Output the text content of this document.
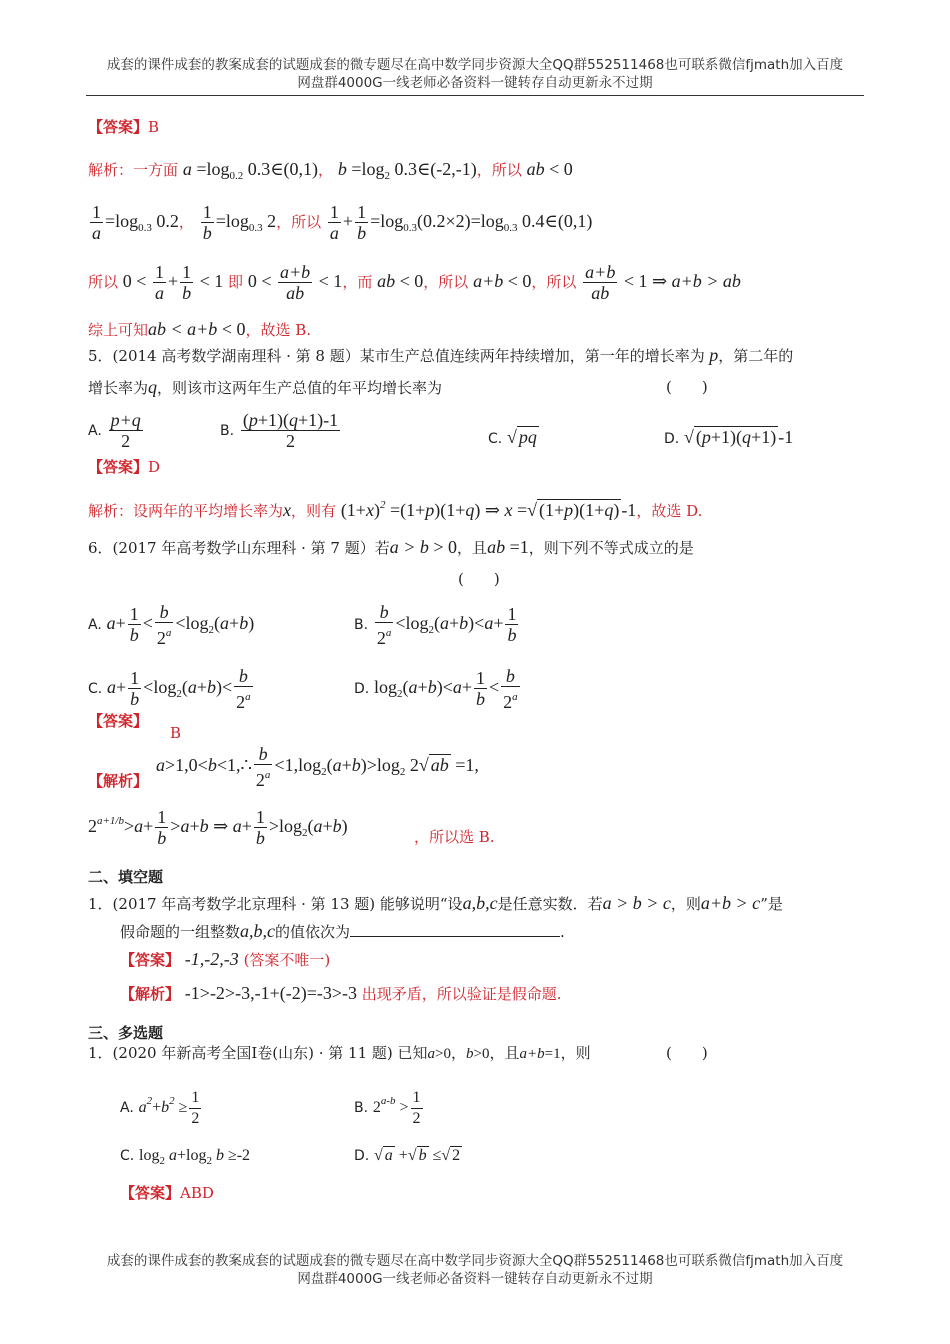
成套的课件成套的教案成套的试题成套的微专题尽在高中数学同步资源大全QQ群552511468也可联系微信fjmath加入百度
网盘群4000G一线老师必备资料一键转存自动更新永不过期
【答案】B
解析：一方面 $a =\log_{0.2}$ 0.3∈(0,1)， $b =\log_2$ 0.3∈(-2,-1)，所以 ab < 0
$\frac{1}{a} =\log_{0.3}$ 0.2， $\frac{1}{b} =\log_{0.3}$ 2，所以 $\frac{1}{a} + \frac{1}{b} =\log_{0.3}(0.2\times 2)=\log_{0.3}$ 0.4∈(0,1)
所以 $0 < \frac{1}{a} + \frac{1}{b} < 1$ 即 $0 < \frac{a+b}{ab} < 1$，而 ab < 0，所以 a+b < 0，所以 $\frac{a+b}{ab} < 1$ ⇒ a+b > ab
综上可知ab < a+b < 0，故选 B.
5．(2014 高考数学湖南理科 · 第 8 题）某市生产总值连续两年持续增加，第一年的增长率为 p，第二年的
增长率为q，则该市这两年生产总值的年平均增长率为	(　　)
A. $\frac{p+q}{2}$	B. $\frac{(p+1)(q+1)-1}{2}$	C. √ pq	D. √ (p+1)(q+1) -1
【答案】D
解析：设两年的平均增长率为x，则有 $(1+x)^2 =(1+p)(1+q)$ ⇒ x =√ (1+p)(1+q) -1，故选 D.
6．(2017 年高考数学山东理科 · 第 7 题）若a > b > 0，且ab =1，则下列不等式成立的是
(　　)
A. $a+ \frac{1}{b} < \frac{b}{2^a} <\log_2(a+b)$	B. $\frac{b}{2^a} <\log_2(a+b)<a+ \frac{1}{b}$
C. $a+ \frac{1}{b} <\log_2(a+b)< \frac{b}{2^a}$	D. $\log_2(a+b)<a+ \frac{1}{b} < \frac{b}{2^a}$
【答案】
B
【解析】
a>1,0<b<1,∴ $\frac{b}{2^a} <1,\log_2(a+b)>\log_2$ 2√ ab =1,
$2^{a+1/b}>a+ \frac{1}{b} >a+b$ ⇒ $a+ \frac{1}{b} >\log_2(a+b)$
，所以选 B.
二、填空题
1．(2017 年高考数学北京理科 · 第 13 题) 能够说明“设a,b,c是任意实数．若a > b > c，则a+b > c”是
假命题的一组整数a,b,c的值依次为	.
【答案】 -1,-2,-3 (答案不唯一)
【解析】 -1>-2>-3,-1+(-2)=-3>-3 出现矛盾，所以验证是假命题.
三、多选题
1．(2020 年新高考全国Ⅰ卷(山东) · 第 11 题) 已知a>0，b>0，且a+b=1，则	(　　)
A. $a^2+b^2 \ge \frac{1}{2}$	B. $2^{a-b} > \frac{1}{2}$
C. $\log_2 a+\log_2$ b ≥-2	D. √ a +√ b ≤√ 2
【答案】ABD
成套的课件成套的教案成套的试题成套的微专题尽在高中数学同步资源大全QQ群552511468也可联系微信fjmath加入百度
网盘群4000G一线老师必备资料一键转存自动更新永不过期
